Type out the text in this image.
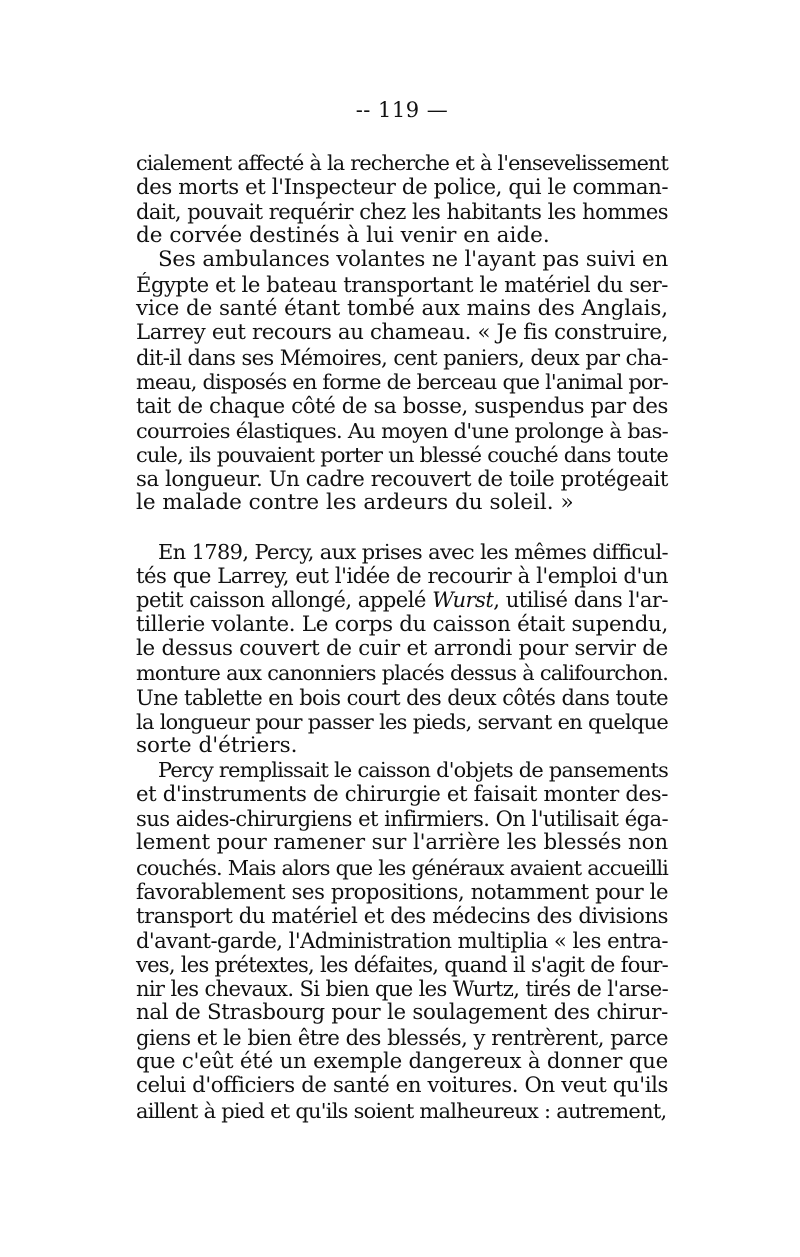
-- 119 —

cialement affecté à la recherche et à l'ensevelissement
des morts et l'Inspecteur de police, qui le comman-
dait, pouvait requérir chez les habitants les hommes
de corvée destinés à lui venir en aide.

Ses ambulances volantes ne l'ayant pas suivi en
Égypte et le bateau transportant le matériel du ser-
vice de santé étant tombé aux mains des Anglais,
Larrey eut recours au chameau. « Je fis construire,
dit-il dans ses Mémoires, cent paniers, deux par cha-
meau, disposés en forme de berceau que l'animal por-
tait de chaque côté de sa bosse, suspendus par des
courroies élastiques. Au moyen d'une prolonge à bas-
cule, ils pouvaient porter un blessé couché dans toute
sa longueur. Un cadre recouvert de toile protégeait
le malade contre les ardeurs du soleil. »

En 1789, Percy, aux prises avec les mêmes difficul-
tés que Larrey, eut l'idée de recourir à l'emploi d'un
petit caisson allongé, appelé Wurst, utilisé dans l'ar-
tillerie volante. Le corps du caisson était supendu,
le dessus couvert de cuir et arrondi pour servir de
monture aux canonniers placés dessus à califourchon.
Une tablette en bois court des deux côtés dans toute
la longueur pour passer les pieds, servant en quelque
sorte d'étriers.

Percy remplissait le caisson d'objets de pansements
et d'instruments de chirurgie et faisait monter des-
sus aides-chirurgiens et infirmiers. On l'utilisait éga-
lement pour ramener sur l'arrière les blessés non
couchés. Mais alors que les généraux avaient accueilli
favorablement ses propositions, notamment pour le
transport du matériel et des médecins des divisions
d'avant-garde, l'Administration multiplia « les entra-
ves, les prétextes, les défaites, quand il s'agit de four-
nir les chevaux. Si bien que les Wurtz, tirés de l'arse-
nal de Strasbourg pour le soulagement des chirur-
giens et le bien être des blessés, y rentrèrent, parce
que c'eût été un exemple dangereux à donner que
celui d'officiers de santé en voitures. On veut qu'ils
aillent à pied et qu'ils soient malheureux : autrement,
